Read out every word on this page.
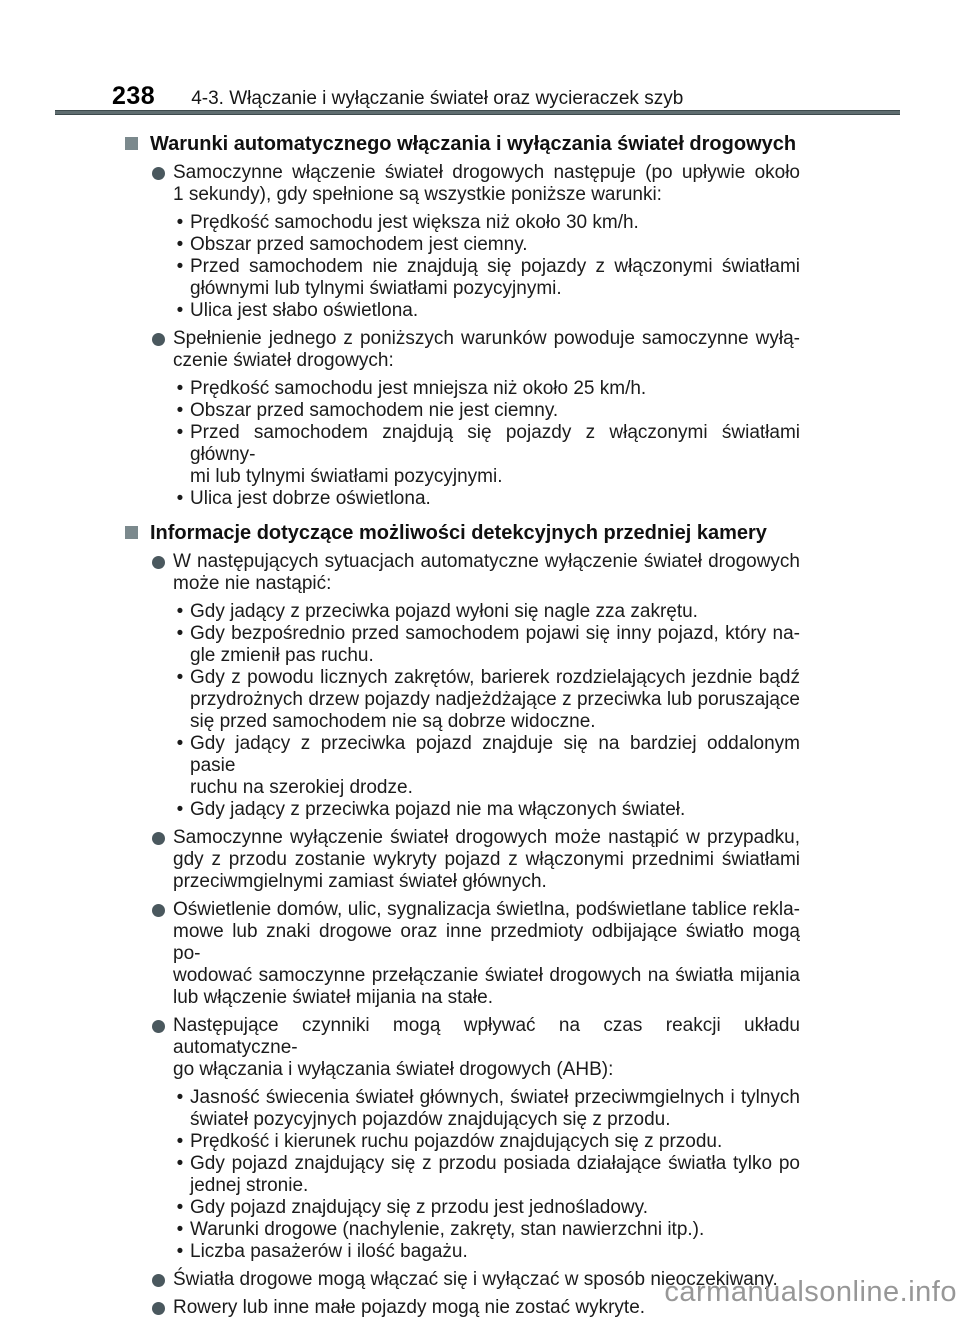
238 4-3. Włączanie i wyłączanie świateł oraz wycieraczek szyb
Warunki automatycznego włączania i wyłączania świateł drogowych
Samoczynne włączenie świateł drogowych następuje (po upływie około
1 sekundy), gdy spełnione są wszystkie poniższe warunki:
• Prędkość samochodu jest większa niż około 30 km/h.
• Obszar przed samochodem jest ciemny.
• Przed samochodem nie znajdują się pojazdy z włączonymi światłami
głównymi lub tylnymi światłami pozycyjnymi.
• Ulica jest słabo oświetlona.
Spełnienie jednego z poniższych warunków powoduje samoczynne wyłą-
czenie świateł drogowych:
• Prędkość samochodu jest mniejsza niż około 25 km/h.
• Obszar przed samochodem nie jest ciemny.
• Przed samochodem znajdują się pojazdy z włączonymi światłami główny-
mi lub tylnymi światłami pozycyjnymi.
• Ulica jest dobrze oświetlona.
Informacje dotyczące możliwości detekcyjnych przedniej kamery
W następujących sytuacjach automatyczne wyłączenie świateł drogowych
może nie nastąpić:
• Gdy jadący z przeciwka pojazd wyłoni się nagle zza zakrętu.
• Gdy bezpośrednio przed samochodem pojawi się inny pojazd, który na-
gle zmienił pas ruchu.
• Gdy z powodu licznych zakrętów, barierek rozdzielających jezdnie bądź
przydrożnych drzew pojazdy nadjeżdżające z przeciwka lub poruszające
się przed samochodem nie są dobrze widoczne.
• Gdy jadący z przeciwka pojazd znajduje się na bardziej oddalonym pasie
ruchu na szerokiej drodze.
• Gdy jadący z przeciwka pojazd nie ma włączonych świateł.
Samoczynne wyłączenie świateł drogowych może nastąpić w przypadku,
gdy z przodu zostanie wykryty pojazd z włączonymi przednimi światłami
przeciwmgielnymi zamiast świateł głównych.
Oświetlenie domów, ulic, sygnalizacja świetlna, podświetlane tablice rekla-
mowe lub znaki drogowe oraz inne przedmioty odbijające światło mogą po-
wodować samoczynne przełączanie świateł drogowych na światła mijania
lub włączenie świateł mijania na stałe.
Następujące czynniki mogą wpływać na czas reakcji układu automatyczne-
go włączania i wyłączania świateł drogowych (AHB):
• Jasność świecenia świateł głównych, świateł przeciwmgielnych i tylnych
świateł pozycyjnych pojazdów znajdujących się z przodu.
• Prędkość i kierunek ruchu pojazdów znajdujących się z przodu.
• Gdy pojazd znajdujący się z przodu posiada działające światła tylko po
jednej stronie.
• Gdy pojazd znajdujący się z przodu jest jednośladowy.
• Warunki drogowe (nachylenie, zakręty, stan nawierzchni itp.).
• Liczba pasażerów i ilość bagażu.
Światła drogowe mogą włączać się i wyłączać w sposób nieoczekiwany.
Rowery lub inne małe pojazdy mogą nie zostać wykryte. carmanualsonline.info
